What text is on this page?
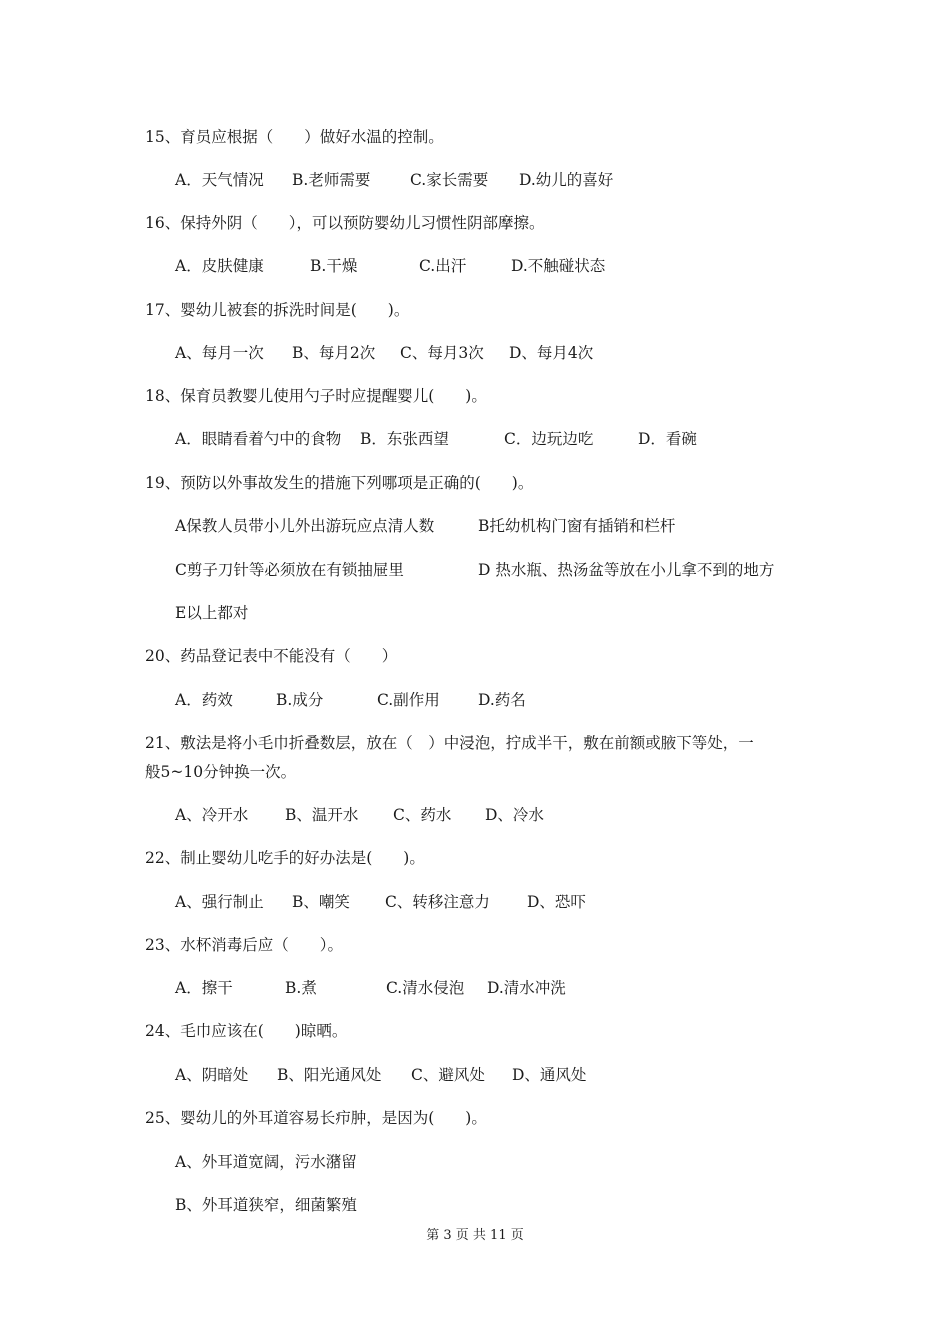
15、育员应根据（　　）做好水温的控制。
A．天气情况 B.老师需要	C.家长需要 D.幼儿的喜好
16、保持外阴（　　），可以预防婴幼儿习惯性阴部摩擦。
A．皮肤健康	B.干燥	C.出汗	D.不触碰状态
17、婴幼儿被套的拆洗时间是(　　)。
A、每月一次 B、每月2次 C、每月3次 D、每月4次
18、保育员教婴儿使用勺子时应提醒婴儿(　　)。
A．眼睛看着勺中的食物 B．东张西望	C．边玩边吃	D．看碗
19、预防以外事故发生的措施下列哪项是正确的(　　)。
A保教人员带小儿外出游玩应点清人数	B托幼机构门窗有插销和栏杆
C剪子刀针等必须放在有锁抽屉里	D 热水瓶、热汤盆等放在小儿拿不到的地方
E以上都对
20、药品登记表中不能没有（　　）
A．药效	B.成分	C.副作用 D.药名
21、敷法是将小毛巾折叠数层，放在（　）中浸泡，拧成半干，敷在前额或腋下等处，一
般5~10分钟换一次。
A、冷开水 B、温开水 C、药水 D、冷水
22、制止婴幼儿吃手的好办法是(　　)。
A、强行制止 B、嘲笑 C、转移注意力 D、恐吓
23、水杯消毒后应（　　）。
A．擦干	B.煮	C.清水侵泡 D.清水冲洗
24、毛巾应该在(　　)晾晒。
A、阴暗处 B、阳光通风处 C、避风处 D、通风处
25、婴幼儿的外耳道容易长疖肿，是因为(　　)。
A、外耳道宽阔，污水潴留
B、外耳道狭窄，细菌繁殖
第 3 页 共 11 页
